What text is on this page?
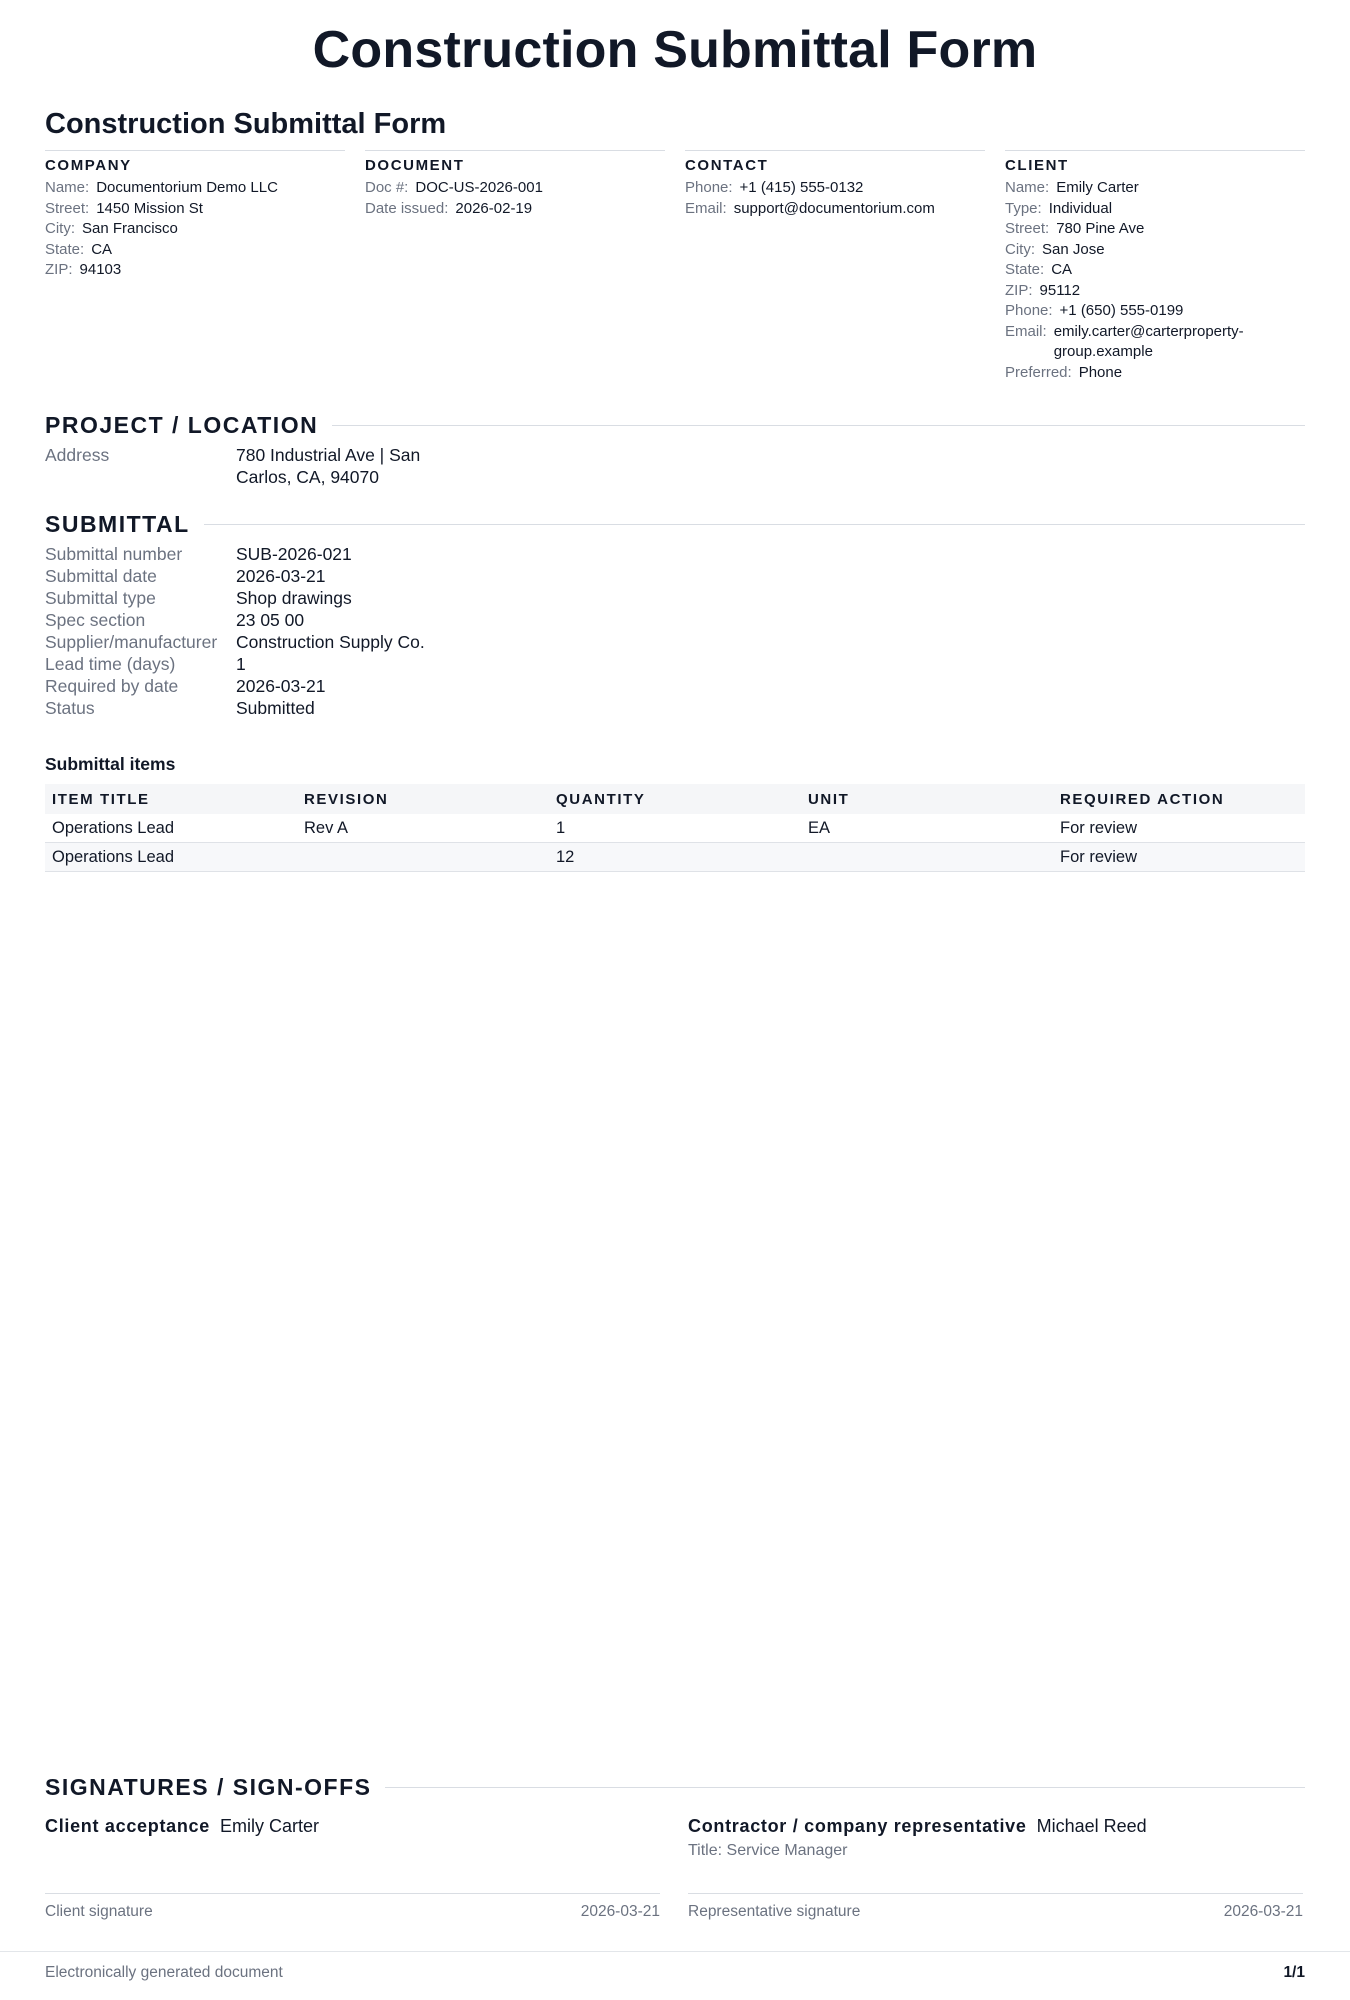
Construction Submittal Form
Construction Submittal Form
COMPANY
Name: Documentorium Demo LLC
Street: 1450 Mission St
City: San Francisco
State: CA
ZIP: 94103
DOCUMENT
Doc #: DOC-US-2026-001
Date issued: 2026-02-19
CONTACT
Phone: +1 (415) 555-0132
Email: support@documentorium.com
CLIENT
Name: Emily Carter
Type: Individual
Street: 780 Pine Ave
City: San Jose
State: CA
ZIP: 95112
Phone: +1 (650) 555-0199
Email: emily.carter@carterproperty-group.example
Preferred: Phone
PROJECT / LOCATION
Address	780 Industrial Ave | San Carlos, CA, 94070
SUBMITTAL
Submittal number	SUB-2026-021
Submittal date	2026-03-21
Submittal type	Shop drawings
Spec section	23 05 00
Supplier/manufacturer Construction Supply Co.
Lead time (days)	1
Required by date	2026-03-21
Status	Submitted
Submittal items
ITEM TITLE	REVISION	QUANTITY	UNIT	REQUIRED ACTION
Operations Lead	Rev A	1	EA	For review
Operations Lead		12		For review
SIGNATURES / SIGN-OFFS
Client acceptance Emily Carter
Client signature	2026-03-21
Contractor / company representative Michael Reed
Title: Service Manager
Representative signature	2026-03-21
Electronically generated document	1/1
